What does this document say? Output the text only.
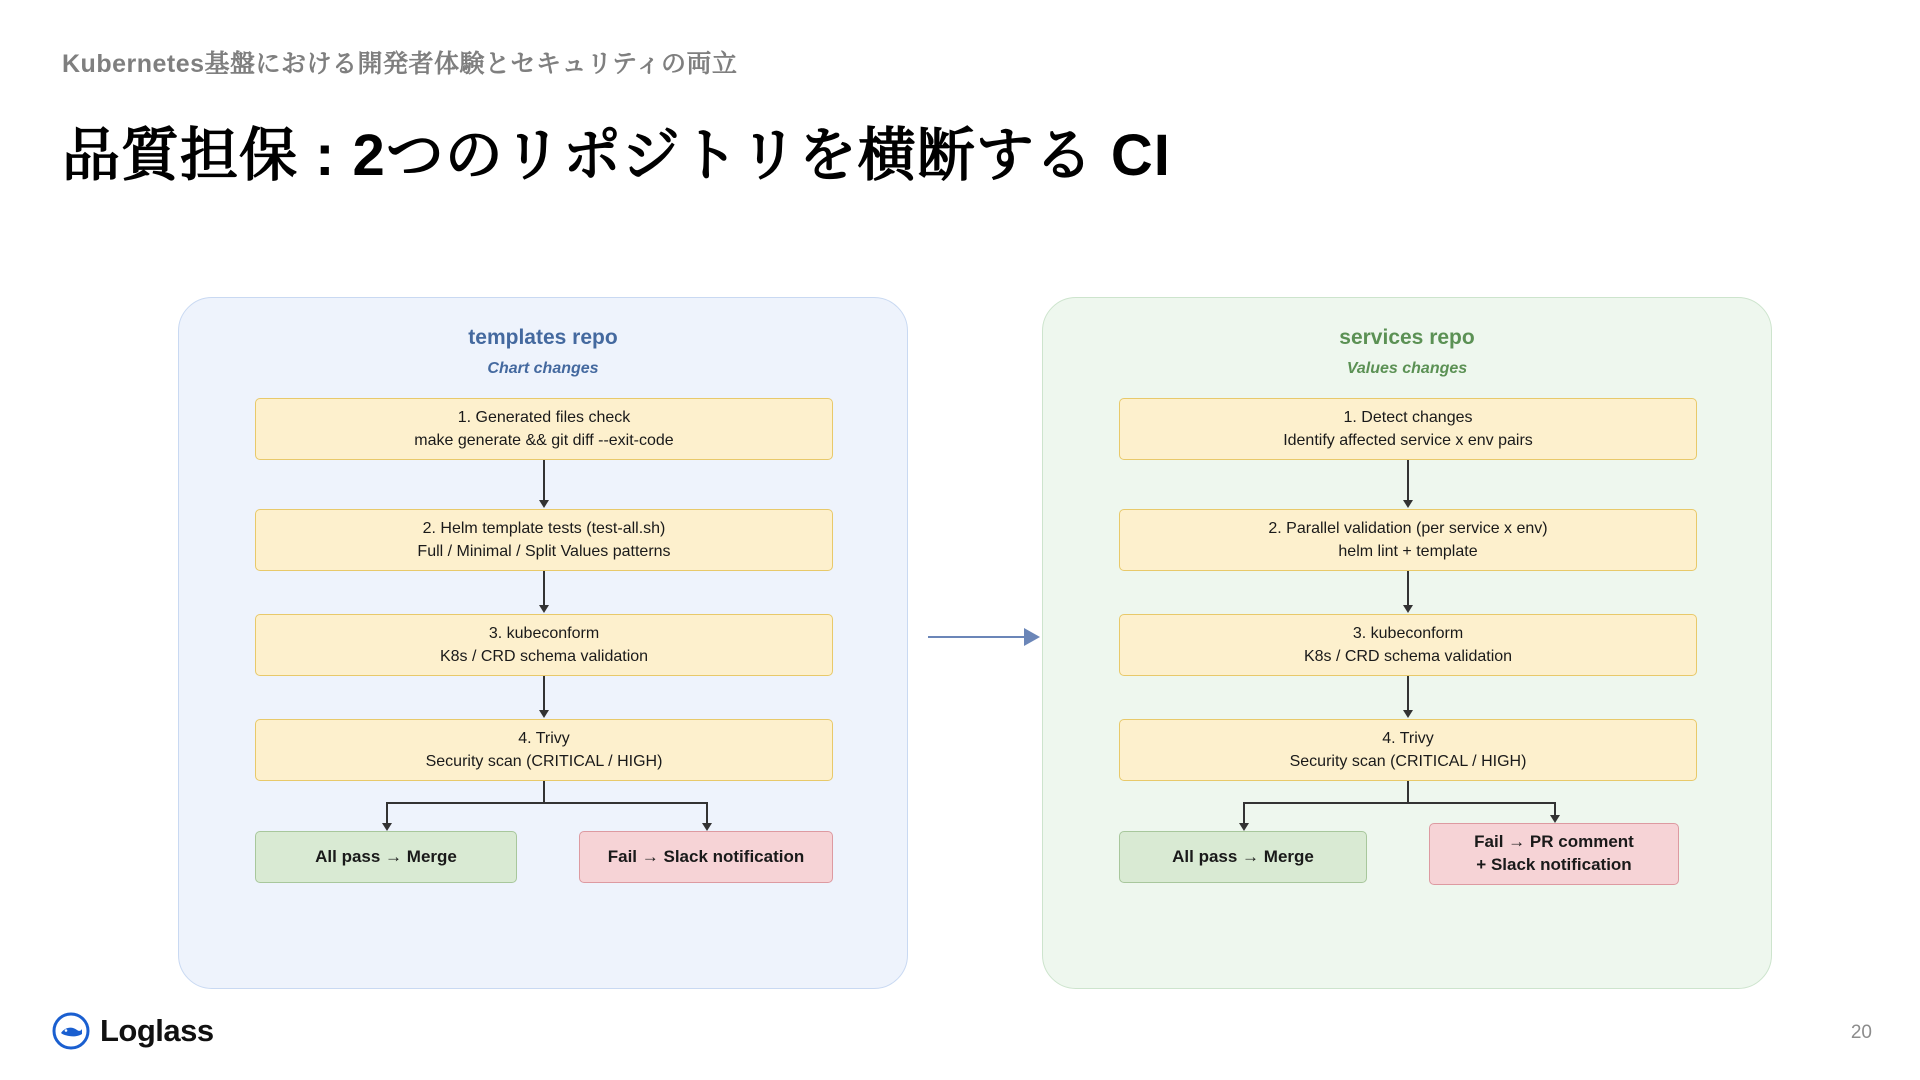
Kubernetes基盤における開発者体験とセキュリティの両立
品質担保 : 2つのリポジトリを横断する CI
templates repo
Chart changes
1. Generated files check
make generate && git diff --exit-code
2. Helm template tests (test-all.sh)
Full / Minimal / Split Values patterns
3. kubeconform
K8s / CRD schema validation
4. Trivy
Security scan (CRITICAL / HIGH)
All pass → Merge	Fail → Slack notification
services repo
Values changes
1. Detect changes
Identify affected service x env pairs
2. Parallel validation (per service x env)
helm lint + template
3. kubeconform
K8s / CRD schema validation
4. Trivy
Security scan (CRITICAL / HIGH)
All pass → Merge
Fail → PR comment
+ Slack notification
Loglass	20
